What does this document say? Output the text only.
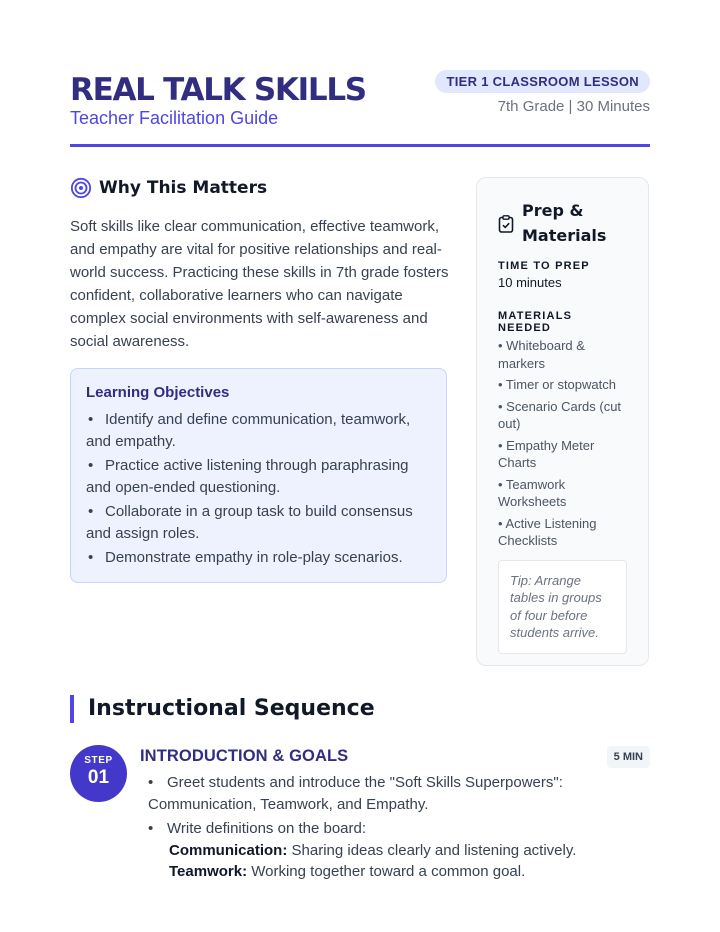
REAL TALK SKILLS
Teacher Facilitation Guide
TIER 1 CLASSROOM LESSON
7th Grade | 30 Minutes
Why This Matters

Soft skills like clear communication, effective teamwork, and empathy are vital for positive relationships and real-world success. Practicing these skills in 7th grade fosters confident, collaborative learners who can navigate complex social environments with self-awareness and social awareness.

Learning Objectives
• Identify and define communication, teamwork, and empathy.
• Practice active listening through paraphrasing and open-ended questioning.
• Collaborate in a group task to build consensus and assign roles.
• Demonstrate empathy in role-play scenarios.
Prep & Materials
TIME TO PREP
10 minutes
MATERIALS NEEDED
• Whiteboard & markers
• Timer or stopwatch
• Scenario Cards (cut out)
• Empathy Meter Charts
• Teamwork Worksheets
• Active Listening Checklists
Tip: Arrange tables in groups of four before students arrive.
Instructional Sequence
STEP
01
INTRODUCTION & GOALS	5 MIN
• Greet students and introduce the "Soft Skills Superpowers": Communication, Teamwork, and Empathy.
• Write definitions on the board:
Communication: Sharing ideas clearly and listening actively.
Teamwork: Working together toward a common goal.
